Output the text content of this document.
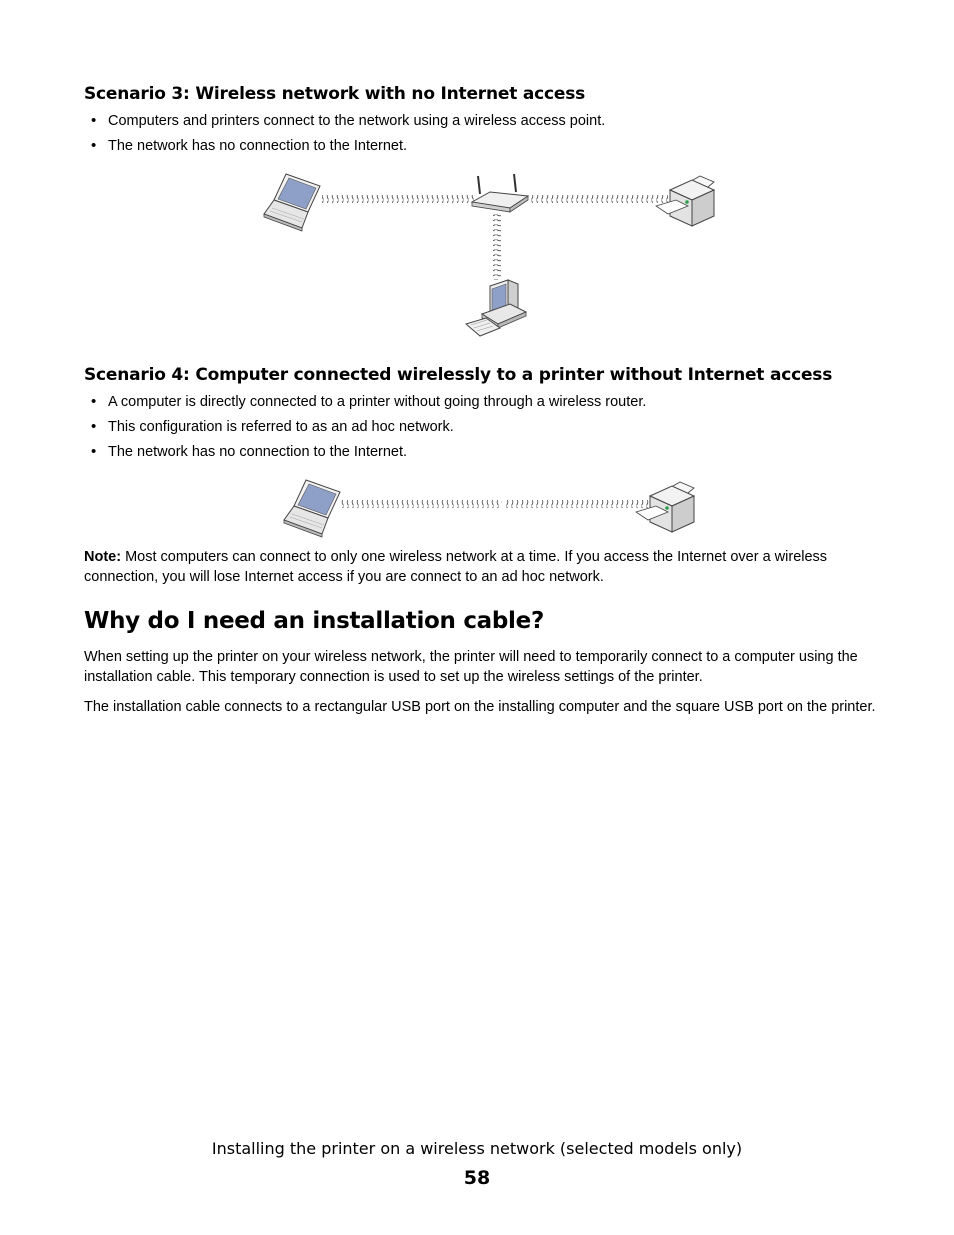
Scenario 3: Wireless network with no Internet access
• Computers and printers connect to the network using a wireless access point.
• The network has no connection to the Internet.
Scenario 4: Computer connected wirelessly to a printer without Internet access
• A computer is directly connected to a printer without going through a wireless router.
• This configuration is referred to as an ad hoc network.
• The network has no connection to the Internet.

Note: Most computers can connect to only one wireless network at a time. If you access the Internet over a wireless connection, you will lose Internet access if you are connect to an ad hoc network.

Why do I need an installation cable?

When setting up the printer on your wireless network, the printer will need to temporarily connect to a computer using the installation cable. This temporary connection is used to set up the wireless settings of the printer.

The installation cable connects to a rectangular USB port on the installing computer and the square USB port on the printer.

Installing the printer on a wireless network (selected models only)
58
